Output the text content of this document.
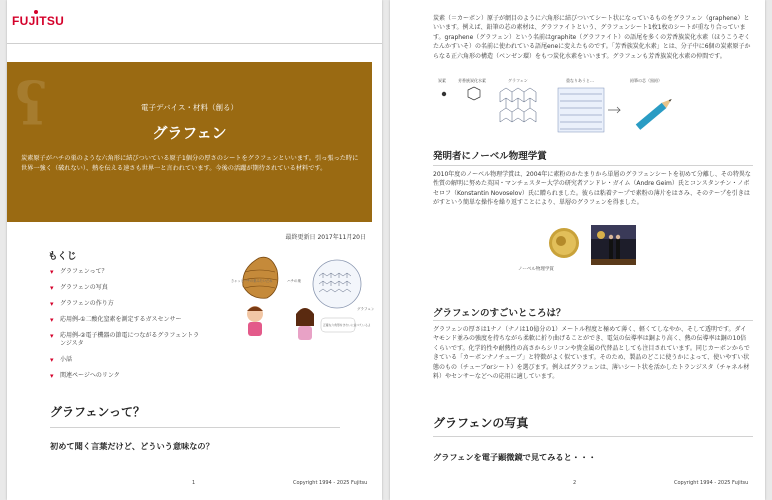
FUJITSU
ʕ	電子デバイス・材料（創る）
グラフェン
炭素原子がハチの巣のような六角形に結びついている原子1個分の厚さのシートをグラフェンといいます。引っ張った時に世界一強く（破れない）、熱を伝える速さも世界一と言われています。今後の活躍が期待されている材料です。
最終更新日 2017年11月20日
もくじ
▾ グラフェンって？
▾ グラフェンの写真
▾ グラフェンの作り方
▾ 応用例-①二酸化窒素を測定するガスセンサー
▾ 応用例-②電子機器の節電につながるグラフェントランジスタ
▾ 小話
▾ 関連ページへのリンク
きゃっとハチの巣みたいだね	ハチの巣
グラフェン
正確な六角形をきれいに並べているよ
グラフェンって？
初めて聞く言葉だけど、どういう意味なの？
1	Copyright 1994 - 2025 Fujitsu
炭素（＝カーボン）原子が網目のように六角形に結びついてシート状になっているものをグラフェン（graphene）といいます。例えば、鉛筆の芯の素材は、グラファイトという、グラフェンシート1枚1枚のシートが重なり合っています。graphene（グラフェン）という名前はgraphite（グラファイト）の語尾を多くの芳香族炭化水素（ほうこうぞくたんかすいそ）の名前に使われている語尾eneに変えたものです。「芳香族炭化水素」とは、分子中に6個の炭素原子からなる正六角形の構造（ベンゼン環）をもつ炭化水素をいいます。グラフェンも芳香族炭化水素の仲間です。
炭素	芳香族炭化水素	グラフェン	重なりあうと…	鉛筆の芯（黒鉛）
発明者にノーベル物理学賞
2010年度のノーベル物理学賞は、2004年に素粉のかたまりから単層のグラフェンシートを初めて分離し、その特異な性質の解明に努めた英国・マンチェスター大学の研究者アンドレ・ガイム（Andre Geim）氏とコンスタンチン・ノボセロフ（Konstantin Novoselov）氏に贈られました。彼らは粘着テープで素粉の薄片をはさみ、そのテープを引きはがすという簡単な操作を繰り返すことにより、単層のグラフェンを得ました。
ノーベル物理学賞
グラフェンのすごいところは？
グラフェンの厚さは1ナノ（ナノは10億分の1）メートル程度と極めて薄く、軽くてしなやか、そして透明です。ダイヤモンド並みの強度を持ちながら柔軟に折り曲げることができ、電気の伝導率は銅より高く、熱の伝導率は銅の10倍くらいです。化学的性や耐熱性の高さからシリコンや貴金属の代替品としても注目されています。同じカーボンからできている「カーボンナノチューブ」と特徴がよく似ています。そのため、製品のどこに使うかによって、使いやすい状態のもの（チューブorシート）を選びます。例えばグラフェンは、薄いシート状を活かしたトランジスタ（チャネル材料）やセンサーなどへの応用に適しています。
グラフェンの写真
グラフェンを電子顕微鏡で見てみると・・・
2	Copyright 1994 - 2025 Fujitsu
